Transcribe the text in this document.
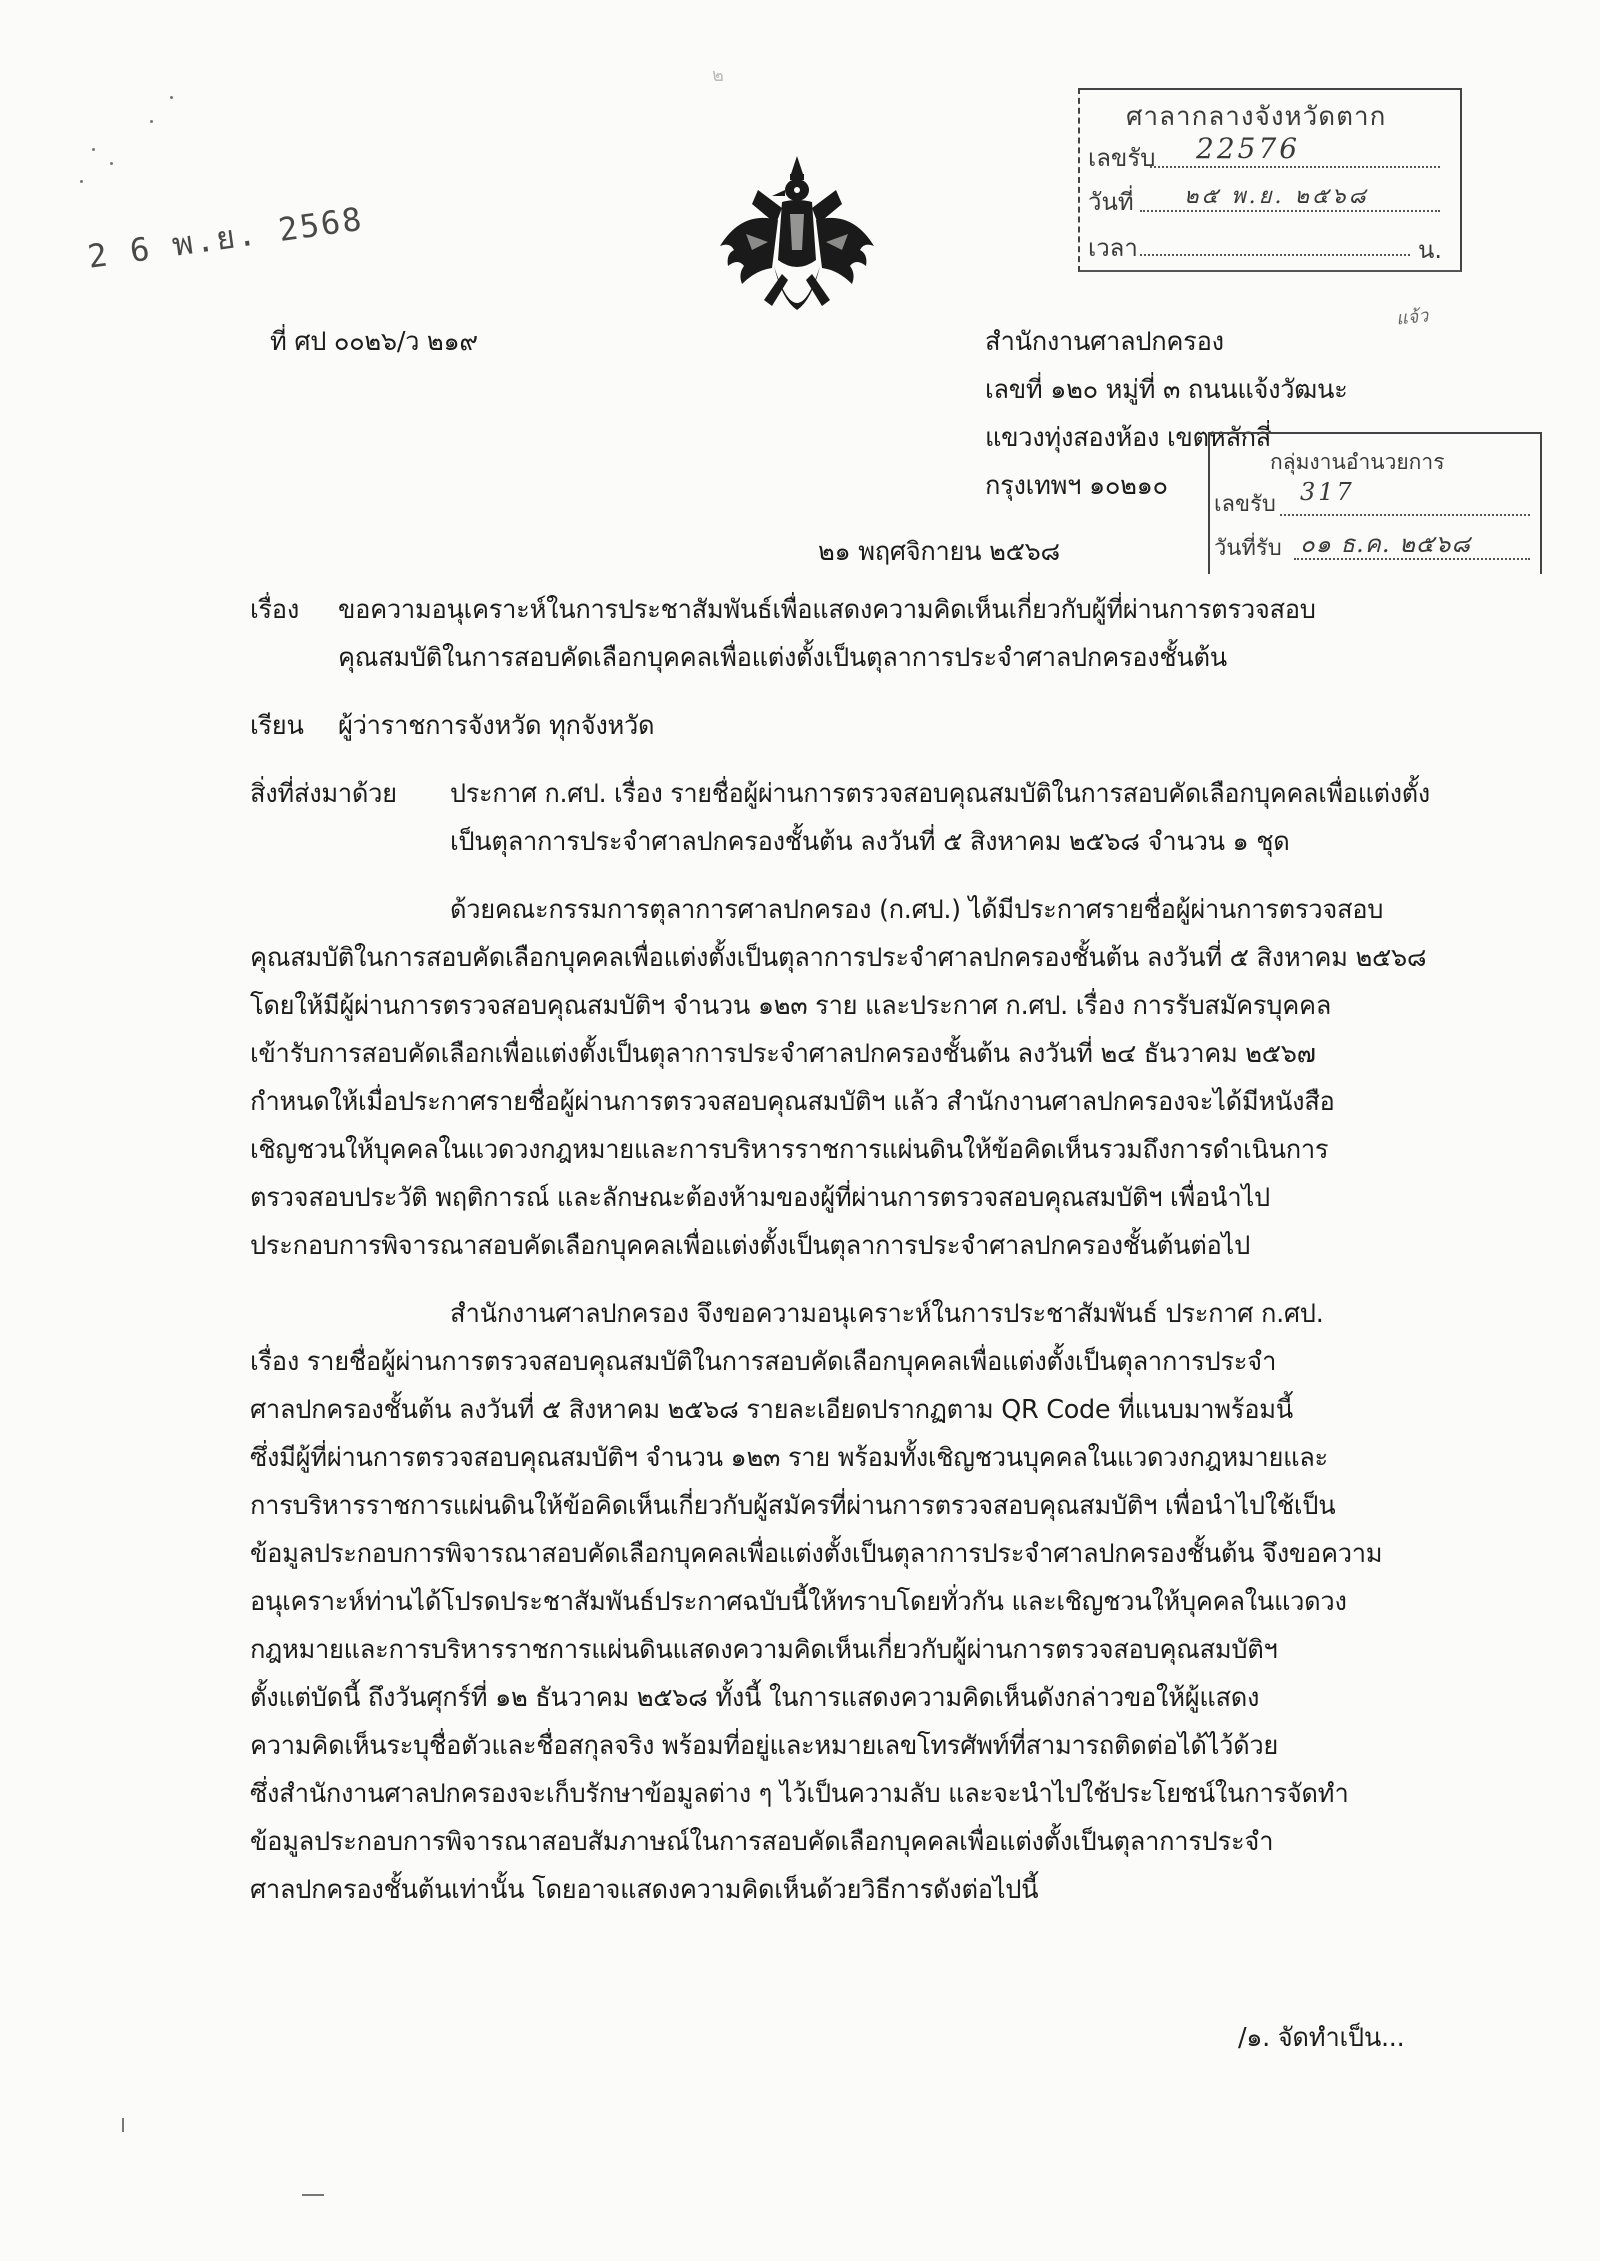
๒
2 6 พ.ย. 2568
ศาลากลางจังหวัดตาก
เลขรับ 22576
วันที่ ๒๕ พ.ย. ๒๕๖๘
เวลา	น.
แจ้ว
ที่ ศป ๐๐๒๖/ว ๒๑๙	สำนักงานศาลปกครอง
เลขที่ ๑๒๐ หมู่ที่ ๓ ถนนแจ้งวัฒนะ
แขวงทุ่งสองห้อง เขตหลักสี่
กรุงเทพฯ ๑๐๒๑๐
กลุ่มงานอำนวยการ
เลขรับ 317
วันที่รับ ๐๑ ธ.ค. ๒๕๖๘
๒๑ พฤศจิกายน ๒๕๖๘
เรื่อง ขอความอนุเคราะห์ในการประชาสัมพันธ์เพื่อแสดงความคิดเห็นเกี่ยวกับผู้ที่ผ่านการตรวจสอบ
คุณสมบัติในการสอบคัดเลือกบุคคลเพื่อแต่งตั้งเป็นตุลาการประจำศาลปกครองชั้นต้น
เรียน ผู้ว่าราชการจังหวัด ทุกจังหวัด
สิ่งที่ส่งมาด้วย ประกาศ ก.ศป. เรื่อง รายชื่อผู้ผ่านการตรวจสอบคุณสมบัติในการสอบคัดเลือกบุคคลเพื่อแต่งตั้ง
เป็นตุลาการประจำศาลปกครองชั้นต้น ลงวันที่ ๕ สิงหาคม ๒๕๖๘ จำนวน ๑ ชุด
ด้วยคณะกรรมการตุลาการศาลปกครอง (ก.ศป.) ได้มีประกาศรายชื่อผู้ผ่านการตรวจสอบ
คุณสมบัติในการสอบคัดเลือกบุคคลเพื่อแต่งตั้งเป็นตุลาการประจำศาลปกครองชั้นต้น ลงวันที่ ๕ สิงหาคม ๒๕๖๘
โดยให้มีผู้ผ่านการตรวจสอบคุณสมบัติฯ จำนวน ๑๒๓ ราย และประกาศ ก.ศป. เรื่อง การรับสมัครบุคคล
เข้ารับการสอบคัดเลือกเพื่อแต่งตั้งเป็นตุลาการประจำศาลปกครองชั้นต้น ลงวันที่ ๒๔ ธันวาคม ๒๕๖๗
กำหนดให้เมื่อประกาศรายชื่อผู้ผ่านการตรวจสอบคุณสมบัติฯ แล้ว สำนักงานศาลปกครองจะได้มีหนังสือ
เชิญชวนให้บุคคลในแวดวงกฎหมายและการบริหารราชการแผ่นดินให้ข้อคิดเห็นรวมถึงการดำเนินการ
ตรวจสอบประวัติ พฤติการณ์ และลักษณะต้องห้ามของผู้ที่ผ่านการตรวจสอบคุณสมบัติฯ เพื่อนำไป
ประกอบการพิจารณาสอบคัดเลือกบุคคลเพื่อแต่งตั้งเป็นตุลาการประจำศาลปกครองชั้นต้นต่อไป
สำนักงานศาลปกครอง จึงขอความอนุเคราะห์ในการประชาสัมพันธ์ ประกาศ ก.ศป.
เรื่อง รายชื่อผู้ผ่านการตรวจสอบคุณสมบัติในการสอบคัดเลือกบุคคลเพื่อแต่งตั้งเป็นตุลาการประจำ
ศาลปกครองชั้นต้น ลงวันที่ ๕ สิงหาคม ๒๕๖๘ รายละเอียดปรากฏตาม QR Code ที่แนบมาพร้อมนี้
ซึ่งมีผู้ที่ผ่านการตรวจสอบคุณสมบัติฯ จำนวน ๑๒๓ ราย พร้อมทั้งเชิญชวนบุคคลในแวดวงกฎหมายและ
การบริหารราชการแผ่นดินให้ข้อคิดเห็นเกี่ยวกับผู้สมัครที่ผ่านการตรวจสอบคุณสมบัติฯ เพื่อนำไปใช้เป็น
ข้อมูลประกอบการพิจารณาสอบคัดเลือกบุคคลเพื่อแต่งตั้งเป็นตุลาการประจำศาลปกครองชั้นต้น จึงขอความ
อนุเคราะห์ท่านได้โปรดประชาสัมพันธ์ประกาศฉบับนี้ให้ทราบโดยทั่วกัน และเชิญชวนให้บุคคลในแวดวง
กฎหมายและการบริหารราชการแผ่นดินแสดงความคิดเห็นเกี่ยวกับผู้ผ่านการตรวจสอบคุณสมบัติฯ
ตั้งแต่บัดนี้ ถึงวันศุกร์ที่ ๑๒ ธันวาคม ๒๕๖๘ ทั้งนี้ ในการแสดงความคิดเห็นดังกล่าวขอให้ผู้แสดง
ความคิดเห็นระบุชื่อตัวและชื่อสกุลจริง พร้อมที่อยู่และหมายเลขโทรศัพท์ที่สามารถติดต่อได้ไว้ด้วย
ซึ่งสำนักงานศาลปกครองจะเก็บรักษาข้อมูลต่าง ๆ ไว้เป็นความลับ และจะนำไปใช้ประโยชน์ในการจัดทำ
ข้อมูลประกอบการพิจารณาสอบสัมภาษณ์ในการสอบคัดเลือกบุคคลเพื่อแต่งตั้งเป็นตุลาการประจำ
ศาลปกครองชั้นต้นเท่านั้น โดยอาจแสดงความคิดเห็นด้วยวิธีการดังต่อไปนี้
/๑. จัดทำเป็น...
